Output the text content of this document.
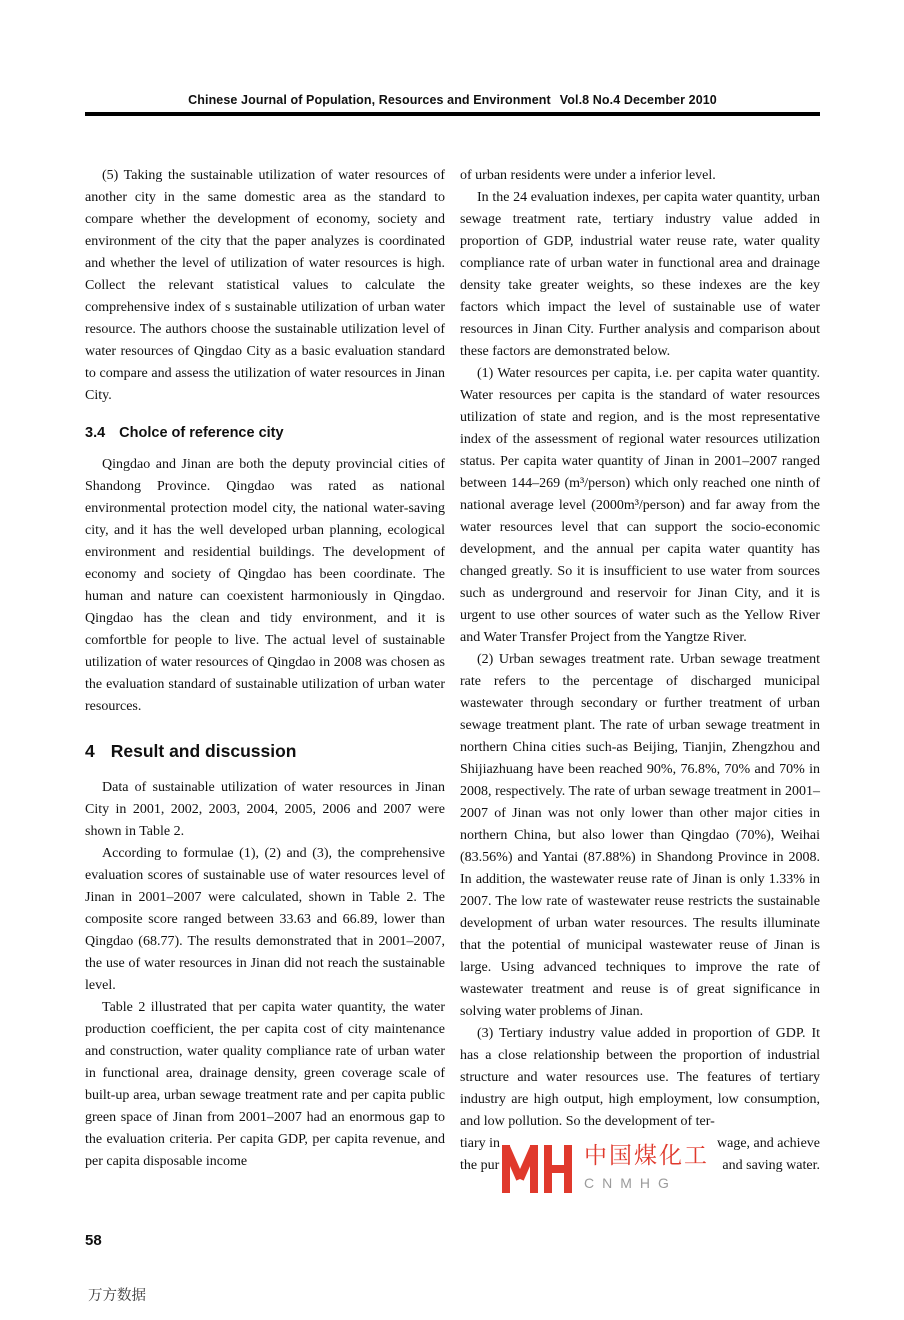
Chinese Journal of Population, Resources and Environment Vol.8 No.4 December 2010

(5) Taking the sustainable utilization of water resources of another city in the same domestic area as the standard to compare whether the development of economy, society and environment of the city that the paper analyzes is coordinated and whether the level of utilization of water resources is high. Collect the relevant statistical values to calculate the comprehensive index of s sustainable utilization of urban water resource. The authors choose the sustainable utilization level of water resources of Qingdao City as a basic evaluation standard to compare and assess the utilization of water resources in Jinan City.

3.4 Cholce of reference city

Qingdao and Jinan are both the deputy provincial cities of Shandong Province. Qingdao was rated as national environmental protection model city, the national water-saving city, and it has the well developed urban planning, ecological environment and residential buildings. The development of economy and society of Qingdao has been coordinate. The human and nature can coexistent harmoniously in Qingdao. Qingdao has the clean and tidy environment, and it is comfortble for people to live. The actual level of sustainable utilization of water resources of Qingdao in 2008 was chosen as the evaluation standard of sustainable utilization of urban water resources.

4 Result and discussion

Data of sustainable utilization of water resources in Jinan City in 2001, 2002, 2003, 2004, 2005, 2006 and 2007 were shown in Table 2.

According to formulae (1), (2) and (3), the comprehensive evaluation scores of sustainable use of water resources level of Jinan in 2001–2007 were calculated, shown in Table 2. The composite score ranged between 33.63 and 66.89, lower than Qingdao (68.77). The results demonstrated that in 2001–2007, the use of water resources in Jinan did not reach the sustainable level.

Table 2 illustrated that per capita water quantity, the water production coefficient, the per capita cost of city maintenance and construction, water quality compliance rate of urban water in functional area, drainage density, green coverage scale of built-up area, urban sewage treatment rate and per capita public green space of Jinan from 2001–2007 had an enormous gap to the evaluation criteria. Per capita GDP, per capita revenue, and per capita disposable income

of urban residents were under a inferior level.

In the 24 evaluation indexes, per capita water quantity, urban sewage treatment rate, tertiary industry value added in proportion of GDP, industrial water reuse rate, water quality compliance rate of urban water in functional area and drainage density take greater weights, so these indexes are the key factors which impact the level of sustainable use of water resources in Jinan City. Further analysis and comparison about these factors are demonstrated below.

(1) Water resources per capita, i.e. per capita water quantity. Water resources per capita is the standard of water resources utilization of state and region, and is the most representative index of the assessment of regional water resources utilization status. Per capita water quantity of Jinan in 2001–2007 ranged between 144–269 (m³/person) which only reached one ninth of national average level (2000m³/person) and far away from the water resources level that can support the socio-economic development, and the annual per capita water quantity has changed greatly. So it is insufficient to use water from sources such as underground and reservoir for Jinan City, and it is urgent to use other sources of water such as the Yellow River and Water Transfer Project from the Yangtze River.

(2) Urban sewages treatment rate. Urban sewage treatment rate refers to the percentage of discharged municipal wastewater through secondary or further treatment of urban sewage treatment plant. The rate of urban sewage treatment in northern China cities such-as Beijing, Tianjin, Zhengzhou and Shijiazhuang have been reached 90%, 76.8%, 70% and 70% in 2008, respectively. The rate of urban sewage treatment in 2001–2007 of Jinan was not only lower than other major cities in northern China, but also lower than Qingdao (70%), Weihai (83.56%) and Yantai (87.88%) in Shandong Province in 2008. In addition, the wastewater reuse rate of Jinan is only 1.33% in 2007. The low rate of wastewater reuse restricts the sustainable development of urban water resources. The results illuminate that the potential of municipal wastewater reuse of Jinan is large. Using advanced techniques to improve the rate of wastewater treatment and reuse is of great significance in solving water problems of Jinan.

(3) Tertiary industry value added in proportion of GDP. It has a close relationship between the proportion of industrial structure and water resources use. The features of tertiary industry are high output, high employment, low consumption, and low pollution. So the development of ter-

tiary in	wage, and achieve
the pur	and saving water.
中国煤化工
CNMHG
58
万方数据
